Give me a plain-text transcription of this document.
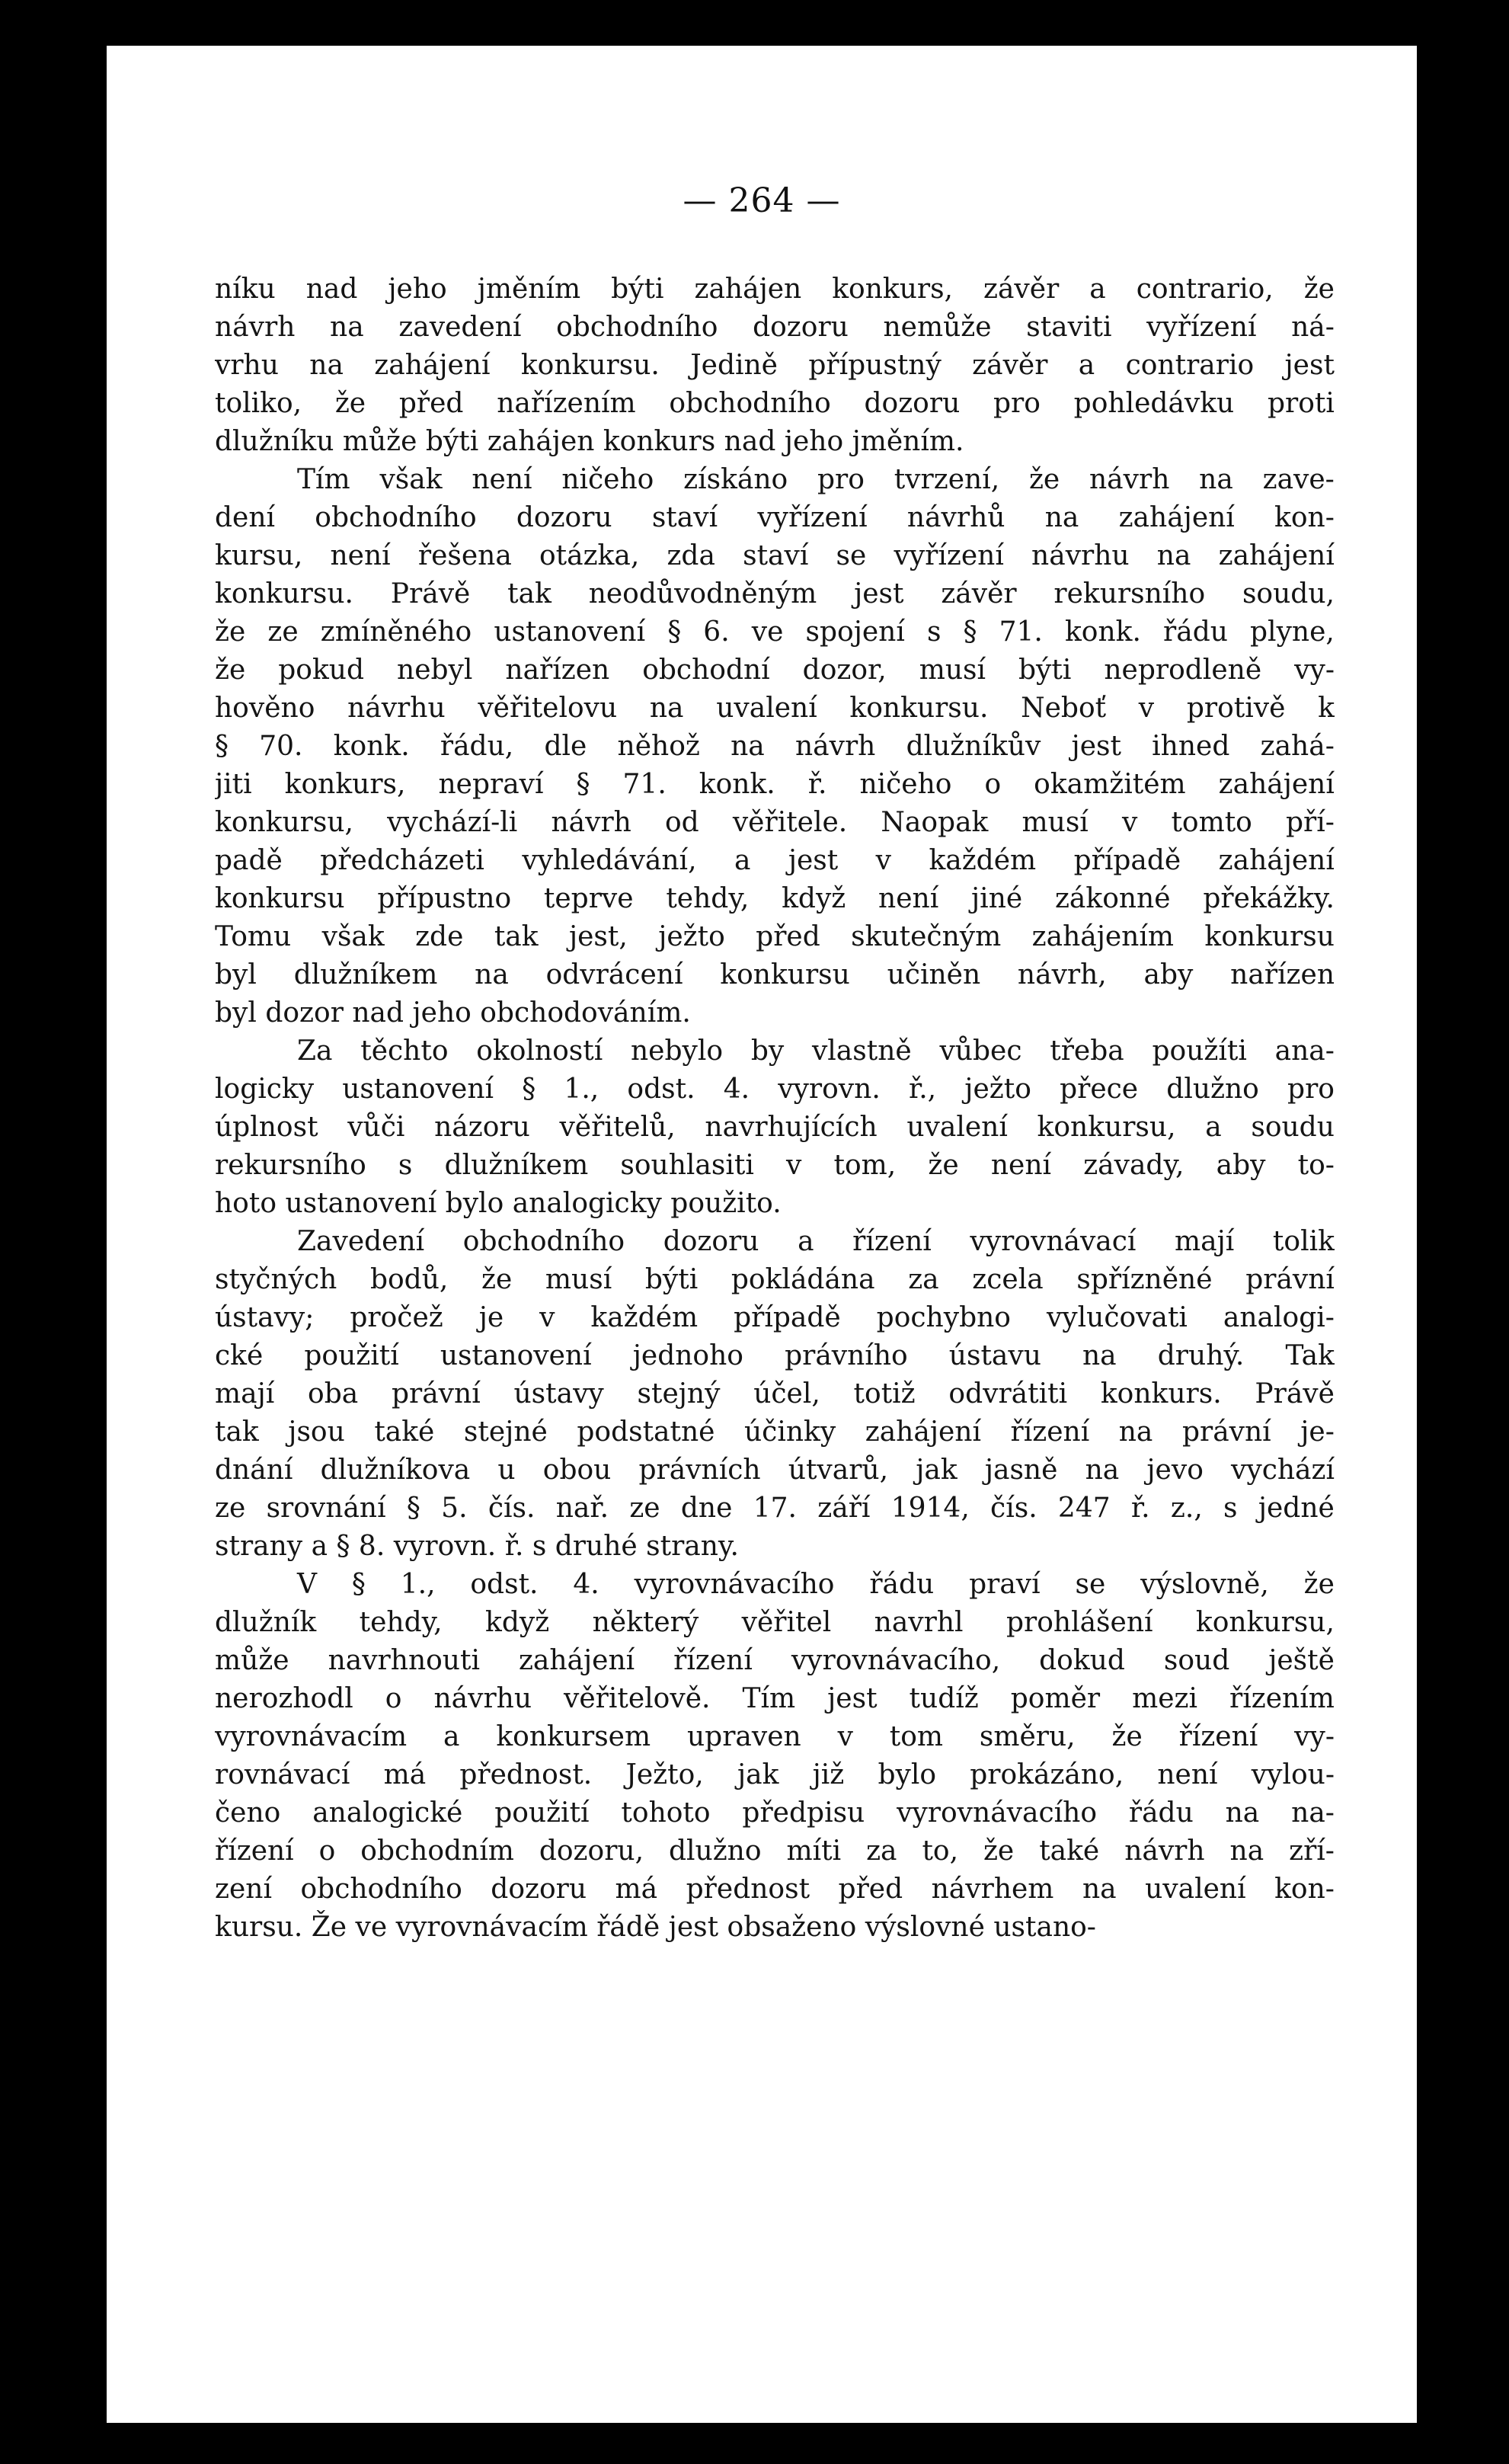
— 264 —
níku nad jeho jměním býti zahájen konkurs, závěr a contrario, že
návrh na zavedení obchodního dozoru nemůže staviti vyřízení ná-
vrhu na zahájení konkursu. Jedině přípustný závěr a contrario jest
toliko, že před nařízením obchodního dozoru pro pohledávku proti
dlužníku může býti zahájen konkurs nad jeho jměním.
Tím však není ničeho získáno pro tvrzení, že návrh na zave-
dení obchodního dozoru staví vyřízení návrhů na zahájení kon-
kursu, není řešena otázka, zda staví se vyřízení návrhu na zahájení
konkursu. Právě tak neodůvodněným jest závěr rekursního soudu,
že ze zmíněného ustanovení § 6. ve spojení s § 71. konk. řádu plyne,
že pokud nebyl nařízen obchodní dozor, musí býti neprodleně vy-
hověno návrhu věřitelovu na uvalení konkursu. Neboť v protivě k
§ 70. konk. řádu, dle něhož na návrh dlužníkův jest ihned zahá-
jiti konkurs, nepraví § 71. konk. ř. ničeho o okamžitém zahájení
konkursu, vychází-li návrh od věřitele. Naopak musí v tomto pří-
padě předcházeti vyhledávání, a jest v každém případě zahájení
konkursu přípustno teprve tehdy, když není jiné zákonné překážky.
Tomu však zde tak jest, ježto před skutečným zahájením konkursu
byl dlužníkem na odvrácení konkursu učiněn návrh, aby nařízen
byl dozor nad jeho obchodováním.
Za těchto okolností nebylo by vlastně vůbec třeba použíti ana-
logicky ustanovení § 1., odst. 4. vyrovn. ř., ježto přece dlužno pro
úplnost vůči názoru věřitelů, navrhujících uvalení konkursu, a soudu
rekursního s dlužníkem souhlasiti v tom, že není závady, aby to-
hoto ustanovení bylo analogicky použito.
Zavedení obchodního dozoru a řízení vyrovnávací mají tolik
styčných bodů, že musí býti pokládána za zcela spřízněné právní
ústavy; pročež je v každém případě pochybno vylučovati analogi-
cké použití ustanovení jednoho právního ústavu na druhý. Tak
mají oba právní ústavy stejný účel, totiž odvrátiti konkurs. Právě
tak jsou také stejné podstatné účinky zahájení řízení na právní je-
dnání dlužníkova u obou právních útvarů, jak jasně na jevo vychází
ze srovnání § 5. čís. nař. ze dne 17. září 1914, čís. 247 ř. z., s jedné
strany a § 8. vyrovn. ř. s druhé strany.
V § 1., odst. 4. vyrovnávacího řádu praví se výslovně, že
dlužník tehdy, když některý věřitel navrhl prohlášení konkursu,
může navrhnouti zahájení řízení vyrovnávacího, dokud soud ještě
nerozhodl o návrhu věřitelově. Tím jest tudíž poměr mezi řízením
vyrovnávacím a konkursem upraven v tom směru, že řízení vy-
rovnávací má přednost. Ježto, jak již bylo prokázáno, není vylou-
čeno analogické použití tohoto předpisu vyrovnávacího řádu na na-
řízení o obchodním dozoru, dlužno míti za to, že také návrh na zří-
zení obchodního dozoru má přednost před návrhem na uvalení kon-
kursu. Že ve vyrovnávacím řádě jest obsaženo výslovné ustano-
